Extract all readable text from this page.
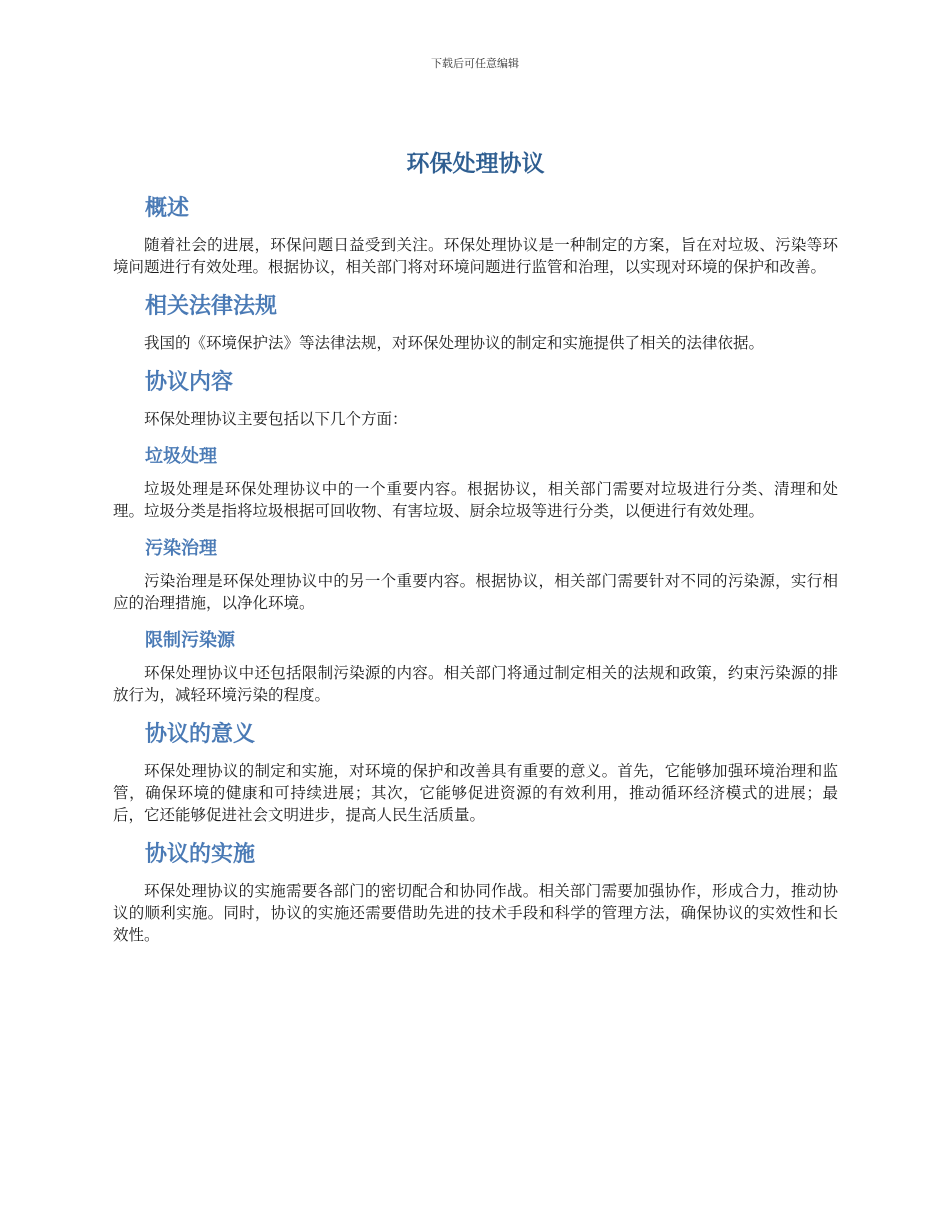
下载后可任意编辑
环保处理协议
概述

随着社会的进展，环保问题日益受到关注。环保处理协议是一种制定的方案，旨在对垃圾、污染等环境问题进行有效处理。根据协议，相关部门将对环境问题进行监管和治理，以实现对环境的保护和改善。

相关法律法规

我国的《环境保护法》等法律法规，对环保处理协议的制定和实施提供了相关的法律依据。

协议内容

环保处理协议主要包括以下几个方面：

垃圾处理

垃圾处理是环保处理协议中的一个重要内容。根据协议，相关部门需要对垃圾进行分类、清理和处理。垃圾分类是指将垃圾根据可回收物、有害垃圾、厨余垃圾等进行分类，以便进行有效处理。

污染治理

污染治理是环保处理协议中的另一个重要内容。根据协议，相关部门需要针对不同的污染源，实行相应的治理措施，以净化环境。

限制污染源

环保处理协议中还包括限制污染源的内容。相关部门将通过制定相关的法规和政策，约束污染源的排放行为，减轻环境污染的程度。

协议的意义

环保处理协议的制定和实施，对环境的保护和改善具有重要的意义。首先，它能够加强环境治理和监管，确保环境的健康和可持续进展；其次，它能够促进资源的有效利用，推动循环经济模式的进展；最后，它还能够促进社会文明进步，提高人民生活质量。

协议的实施

环保处理协议的实施需要各部门的密切配合和协同作战。相关部门需要加强协作，形成合力，推动协议的顺利实施。同时，协议的实施还需要借助先进的技术手段和科学的管理方法，确保协议的实效性和长效性。
